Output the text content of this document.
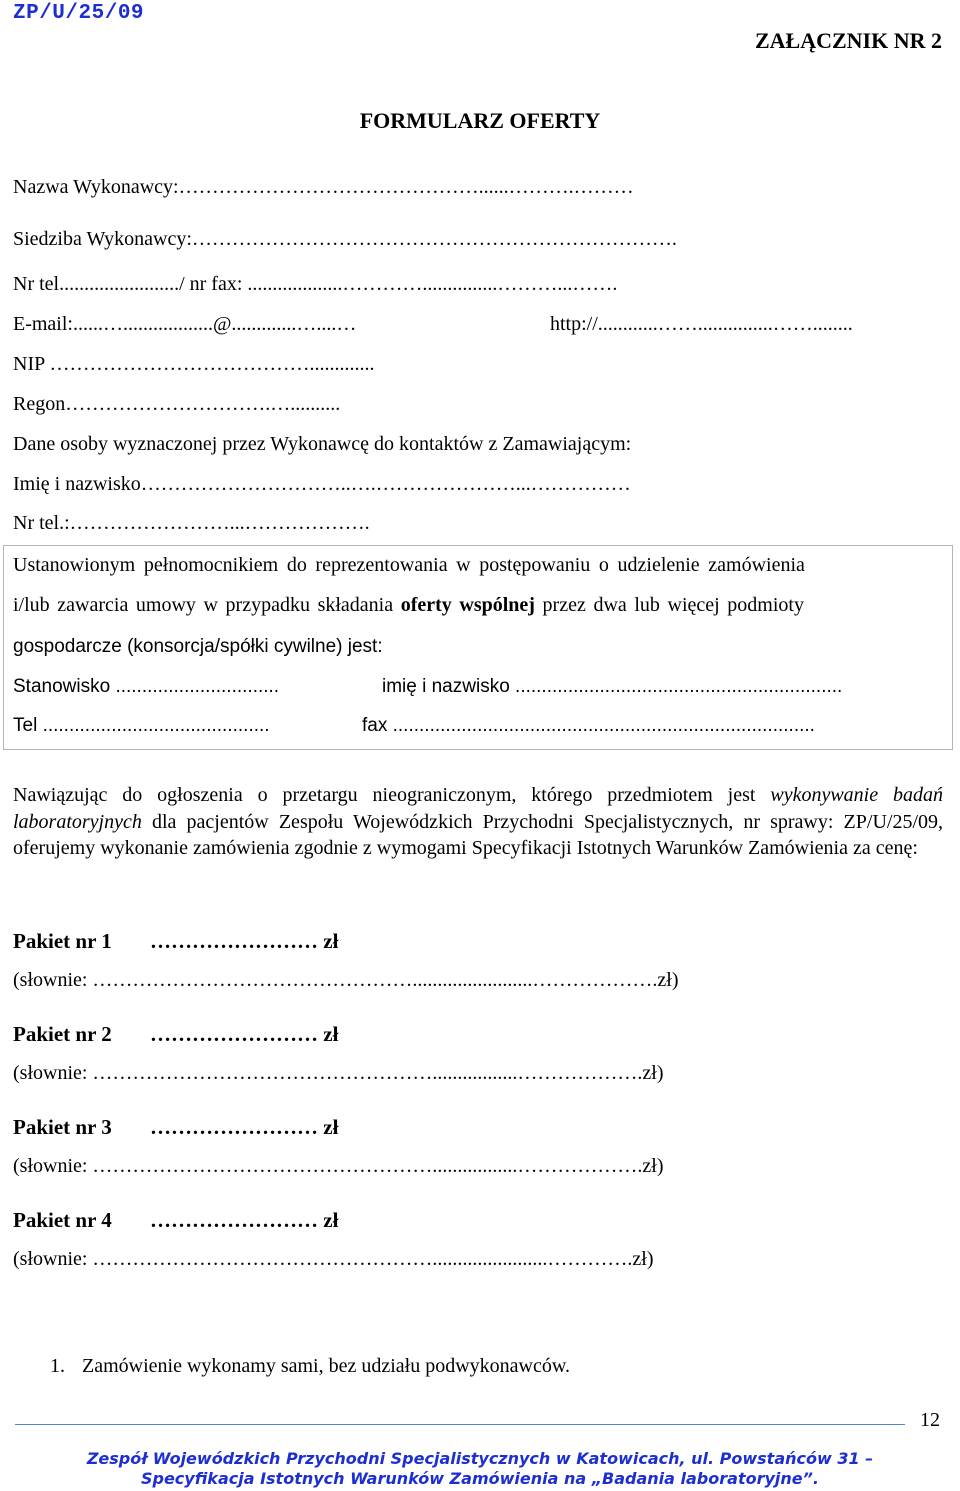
ZP/U/25/09
ZAŁĄCZNIK NR 2
FORMULARZ OFERTY
Nazwa Wykonawcy:………………………………………......……….………
Siedziba Wykonawcy:……………………………………………………………….
Nr tel......................../ nr fax: ...................…………...............………...…….
E-mail:......…..................@.............…....…	http://............……...............……........
NIP ………………………………….............
Regon………………………….…..........
Dane osoby wyznaczonej przez Wykonawcę do kontaktów z Zamawiającym:
Imię i nazwisko…………………………..….…………………...……………
Nr tel.:……………………...……………….
Ustanowionym pełnomocnikiem do reprezentowania w postępowaniu o udzielenie zamówienia
i/lub zawarcia umowy w przypadku składania oferty wspólnej przez dwa lub więcej podmioty
gospodarcze (konsorcja/spółki cywilne) jest:
Stanowisko ...............................	imię i nazwisko ..............................................................
Tel ...........................................	fax ................................................................................
Nawiązując do ogłoszenia o przetargu nieograniczonym, którego przedmiotem jest wykonywanie badań laboratoryjnych dla pacjentów Zespołu Wojewódzkich Przychodni Specjalistycznych, nr sprawy: ZP/U/25/09, oferujemy wykonanie zamówienia zgodnie z wymogami Specyfikacji Istotnych Warunków Zamówienia za cenę:
Pakiet nr 1 …………………… zł
(słownie: …………………………………………........................……………….zł)
Pakiet nr 2 …………………… zł
(słownie: …………………………………………….................……………….zł)
Pakiet nr 3 …………………… zł
(słownie: …………………………………………….................……………….zł)
Pakiet nr 4 …………………… zł
(słownie: …………………………………………….......................………….zł)
1. Zamówienie wykonamy sami, bez udziału podwykonawców.
12
Zespół Wojewódzkich Przychodni Specjalistycznych w Katowicach, ul. Powstańców 31 –
Specyfikacja Istotnych Warunków Zamówienia na „Badania laboratoryjne”.
